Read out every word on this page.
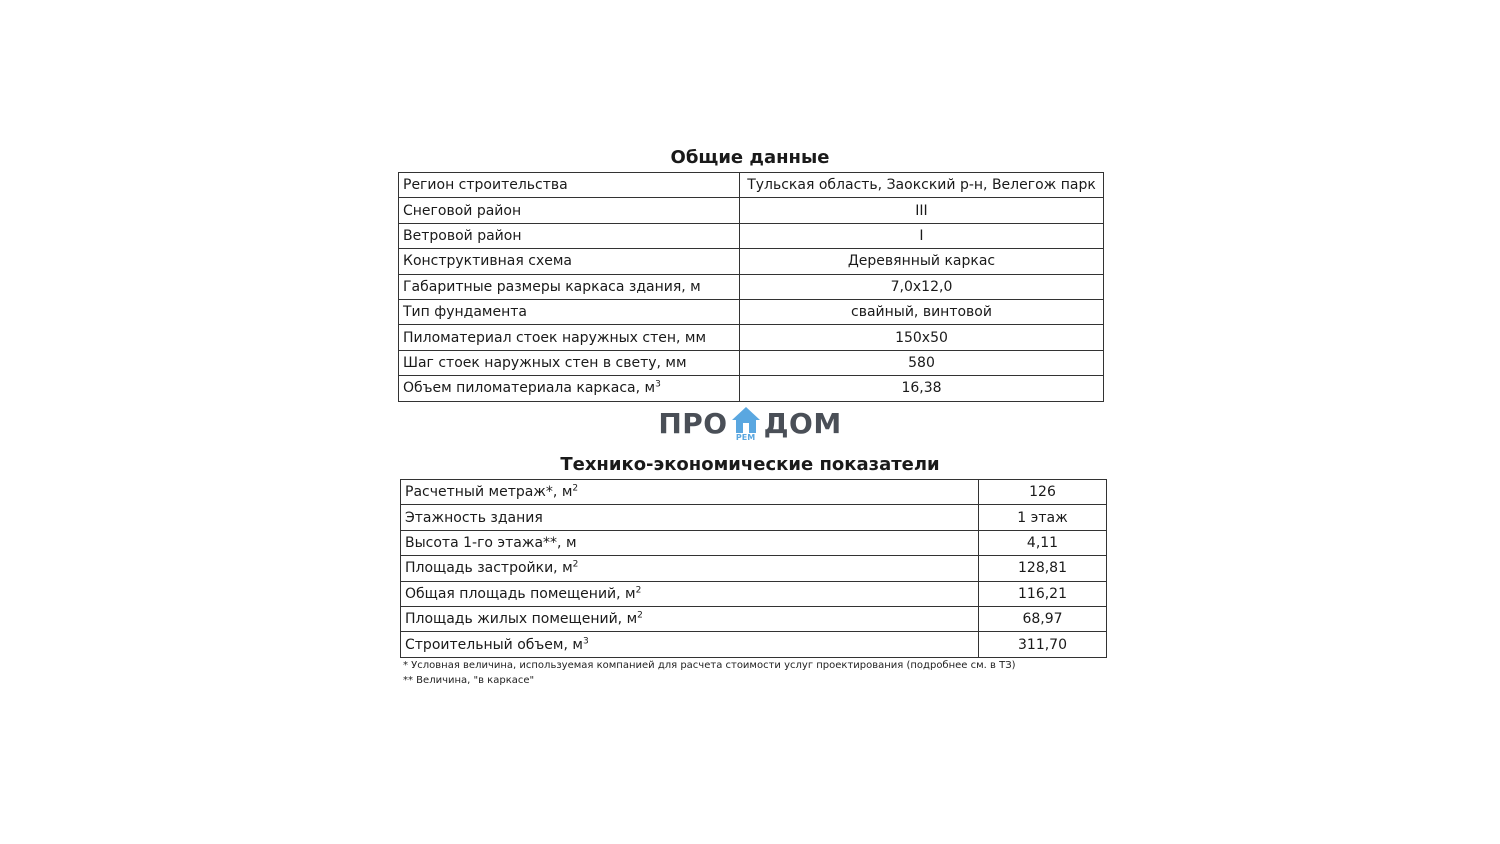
Общие данные
Регион строительства	Тульская область, Заокский р-н, Велегож парк
Снеговой район	III
Ветровой район	I
Конструктивная схема	Деревянный каркас
Габаритные размеры каркаса здания, м	7,0х12,0
Тип фундамента	свайный, винтовой
Пиломатериал стоек наружных стен, мм	150х50
Шаг стоек наружных стен в свету, мм	580
Объем пиломатериала каркаса, $м^3$	16,38
ПРО	РЕМ ДОМ
Технико-экономические показатели
Расчетный метраж*, $м^2$	126
Этажность здания	1 этаж
Высота 1-го этажа**, м	4,11
Площадь застройки, $м^2$	128,81
Общая площадь помещений, $м^2$	116,21
Площадь жилых помещений, $м^2$	68,97
Строительный объем, $м^3$	311,70
* Условная величина, используемая компанией для расчета стоимости услуг проектирования (подробнее см. в ТЗ)
** Величина, "в каркасе"
